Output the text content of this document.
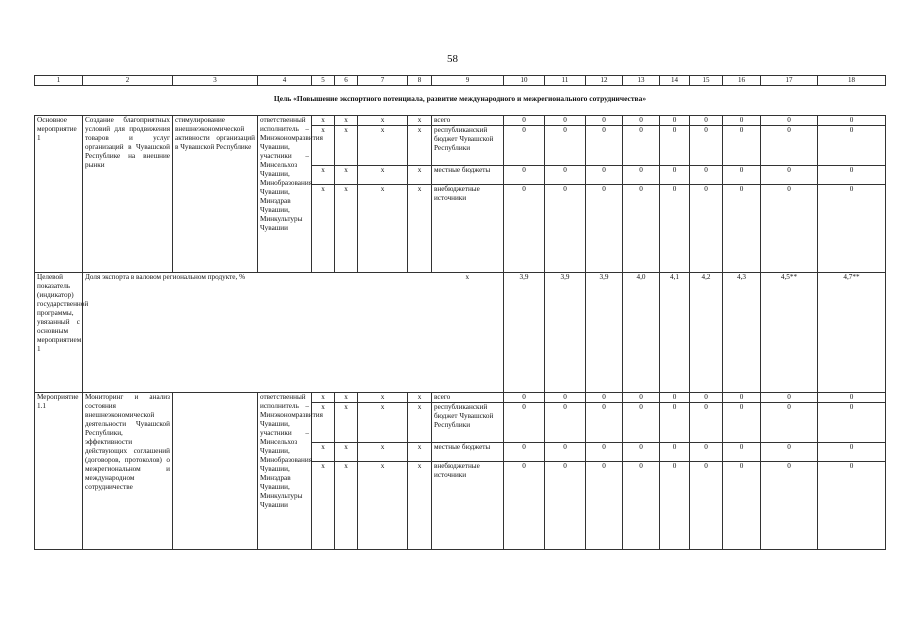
58
1	2	3	4	5	6	7	8	9	10	11	12	13	14	15	16	17	18
Цель «Повышение экспортного потенциала, развитие международного и межрегионального сотрудничества»																	
Основное мероприятие 1	Создание благоприятных условий для продвижения товаров и услуг организаций в Чувашской Республике на внешние рынки	стимулирование внешнеэкономической активности организаций в Чувашской Республике	ответственный исполнитель – Минэкономразвития Чувашии, участники – Минсельхоз Чувашии, Минобразования Чувашии, Минздрав Чувашии, Минкультуры Чувашии	x	x	x	x	всего	0	0	0	0	0	0	0	0	0
				x	x	x	x	республиканский бюджет Чувашской Республики	0	0	0	0	0	0	0	0	0
				x	x	x	x	местные бюджеты	0	0	0	0	0	0	0	0	0
				x	x	x	x	внебюджетные источники	0	0	0	0	0	0	0	0	0
Целевой показатель (индикатор) государственной программы, увязанный с основным мероприятием 1	Доля экспорта в валовом региональном продукте, %							x	3,9	3,9	3,9	4,0	4,1	4,2	4,3	4,5**	4,7**
Мероприятие 1.1	Мониторинг и анализ состояния внешнеэкономической деятельности Чувашской Республики, эффективности действующих соглашений (договоров, протоколов) о межрегиональном и международном сотрудничестве		ответственный исполнитель – Минэкономразвития Чувашии, участники – Минсельхоз Чувашии, Минобразования Чувашии, Минздрав Чувашии, Минкультуры Чувашии	x	x	x	x	всего	0	0	0	0	0	0	0	0	0
				x	x	x	x	республиканский бюджет Чувашской Республики	0	0	0	0	0	0	0	0	0
				x	x	x	x	местные бюджеты	0	0	0	0	0	0	0	0	0
				x	x	x	x	внебюджетные источники	0	0	0	0	0	0	0	0	0
